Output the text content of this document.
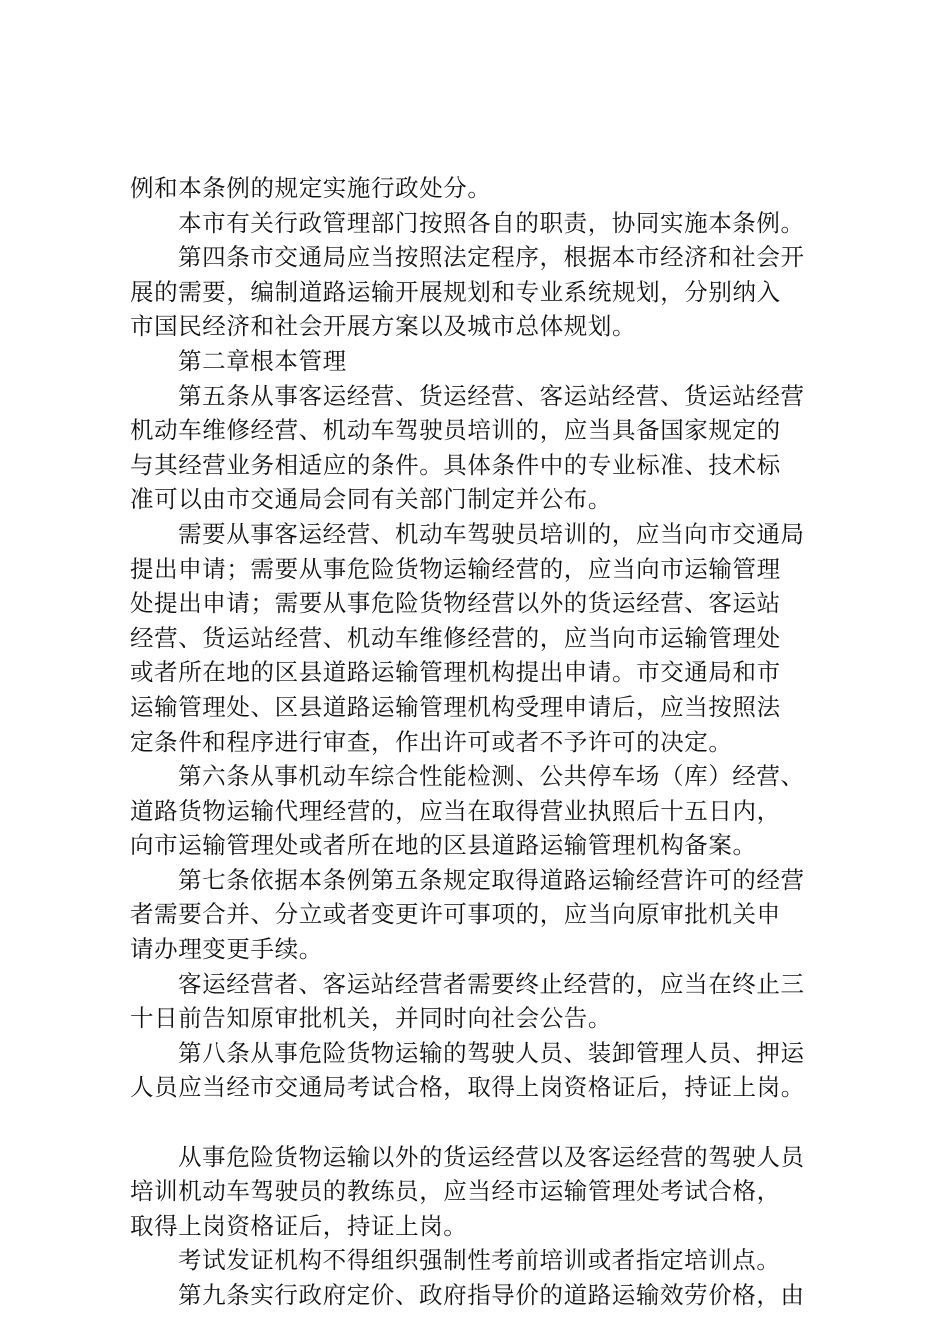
例和本条例的规定实施行政处分。
本市有关行政管理部门按照各自的职责，协同实施本条例。
第四条市交通局应当按照法定程序，根据本市经济和社会开
展的需要，编制道路运输开展规划和专业系统规划，分别纳入
市国民经济和社会开展方案以及城市总体规划。
第二章根本管理
第五条从事客运经营、货运经营、客运站经营、货运站经营
机动车维修经营、机动车驾驶员培训的，应当具备国家规定的
与其经营业务相适应的条件。具体条件中的专业标准、技术标
准可以由市交通局会同有关部门制定并公布。
需要从事客运经营、机动车驾驶员培训的，应当向市交通局
提出申请；需要从事危险货物运输经营的，应当向市运输管理
处提出申请；需要从事危险货物经营以外的货运经营、客运站
经营、货运站经营、机动车维修经营的，应当向市运输管理处
或者所在地的区县道路运输管理机构提出申请。市交通局和市
运输管理处、区县道路运输管理机构受理申请后，应当按照法
定条件和程序进行审查，作出许可或者不予许可的决定。
第六条从事机动车综合性能检测、公共停车场（库）经营、
道路货物运输代理经营的，应当在取得营业执照后十五日内，
向市运输管理处或者所在地的区县道路运输管理机构备案。
第七条依据本条例第五条规定取得道路运输经营许可的经营
者需要合并、分立或者变更许可事项的，应当向原审批机关申
请办理变更手续。
客运经营者、客运站经营者需要终止经营的，应当在终止三
十日前告知原审批机关，并同时向社会公告。
第八条从事危险货物运输的驾驶人员、装卸管理人员、押运
人员应当经市交通局考试合格，取得上岗资格证后，持证上岗。
从事危险货物运输以外的货运经营以及客运经营的驾驶人员
培训机动车驾驶员的教练员，应当经市运输管理处考试合格，
取得上岗资格证后，持证上岗。
考试发证机构不得组织强制性考前培训或者指定培训点。
第九条实行政府定价、政府指导价的道路运输效劳价格，由
